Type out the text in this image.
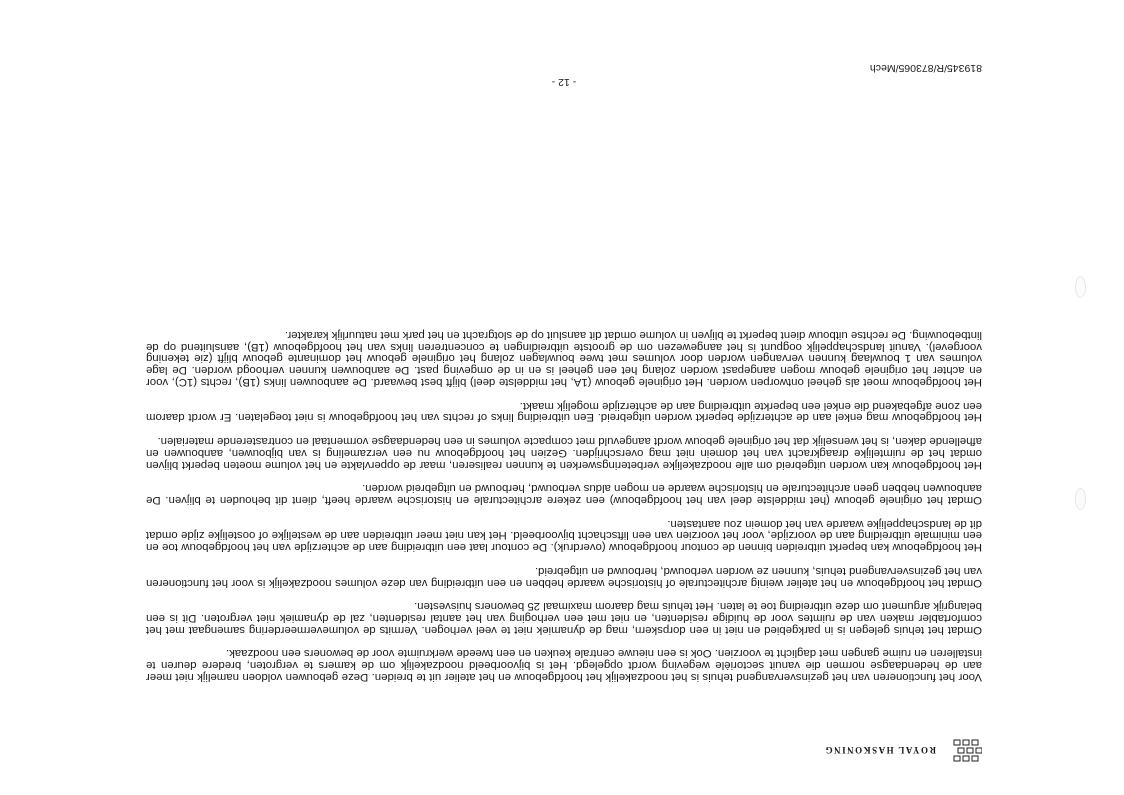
ROYAL HASKONING

Voor het functioneren van het gezinsvervangend tehuis is het noodzakelijk het hoofdgebouw en het atelier uit te breiden. Deze gebouwen voldoen namelijk niet meer aan de hedendaagse normen die vanuit sectorièle wegeving wordt opgelegd. Het is bijvoorbeeld noodzakelijk om de kamers te vergroten, bredere deuren te installeren en ruime gangen met daglicht te voorzien. Ook is een nieuwe centrale keuken en een tweede werkruimte voor de bewoners een noodzaak.

Omdat het tehuis gelegen is in parkgebied en niet in een dorpskern, mag de dynamiek niet te veel verhogen. Vermits de volumevermeerdering samengaat met het comfortabler maken van de ruimtes voor de huidige residenten, en niet met een verhoging van het aantal residenten, zal de dynamiek niet vergroten. Dit is een belangrijk argument om deze uitbreiding toe te laten. Het tehuis mag daarom maximaal 25 bewoners huisvesten.

Omdat het hoofdgebouw en het atelier weinig architecturale of historische waarde hebben en een uitbreiding van deze volumes noodzakelijk is voor het functioneren van het gezinsvervangend tehuis, kunnen ze worden verbouwd, herbouwd en uitgebreid.

Het hoofdgebouw kan beperkt uitbreiden binnen de contour hoofdgebouw (overdruk). De contour laat een uitbreiding aan de achterzijde van het hoofdgebouw toe en een minimale uitbreiding aan de voorzijde, voor het voorzien van een liftschacht bijvoorbeeld. Het kan niet meer uitbreiden aan de westelijke of oostelijke zijde omdat dit de landschappelijke waarde van het domein zou aantasten.

Omdat het originele gebouw (het middelste deel van het hoofdgebouw) een zekere architecturale en historische waarde heeft, dient dit behouden te blijven. De aanbouwen hebben geen architecturale en historische waarde en mogen aldus verbouwd, herbouwd en uitgebreid worden.

Het hoofdgebouw kan worden uitgebreid om alle noodzakelijke verbeteringswerken te kunnen realiseren, maar de oppervlakte en het volume moeten beperkt blijven omdat het de ruimtelijke draagkracht van het domein niet mag overschrijden. Gezien het hoofdgebouw nu een verzameling is van bijbouwen, aanbouwen en afhellende daken, is het wenselijk dat het originele gebouw wordt aangevuld met compacte volumes in een hedendaagse vormentaal en contrasterende materialen.

Het hoofdgebouw mag enkel aan de achterzijde beperkt worden uitgebreid. Een uitbreiding links of rechts van het hoofdgebouw is niet toegelaten. Er wordt daarom een zone afgebakend die enkel een beperkte uitbreiding aan de achterzijde mogelijk maakt.

Het hoofdgebouw moet als geheel ontworpen worden. Het originele gebouw (1A, het middelste deel) blijft best bewaard. De aanbouwen links (1B), rechts (1C), voor en achter het originele gebouw mogen aangepast worden zolang het een geheel is en in de omgeving past. De aanbouwen kunnen verhoogd worden. De lage volumes van 1 bouwlaag kunnen vervangen worden door volumes met twee bouwlagen zolang het originele gebouw het dominante gebouw blijft (zie tekening voorgevel). Vanuit landschappelijk oogpunt is het aangewezen om de grootste uitbreidingen te concentreren links van het hoofdgebouw (1B), aansluitend op de lintbebouwing. De rechtse uitbouw dient beperkt te blijven in volume omdat dit aansluit op de slotgracht en het park met natuurlijk karakter.

- 12 -
819345/R/873065/Mech
